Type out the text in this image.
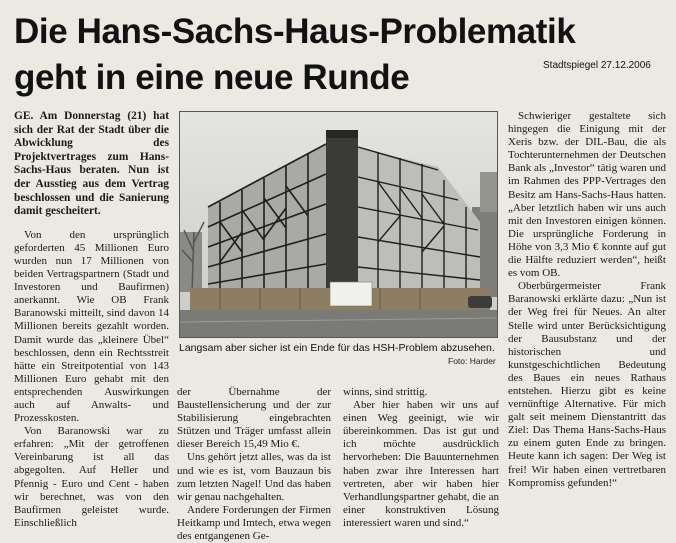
Die Hans-Sachs-Haus-Problematik
geht in eine neue Runde	Stadtspiegel 27.12.2006

GE. Am Donnerstag (21) hat sich der Rat der Stadt über die Abwicklung des Projektvertrages zum Hans-Sachs-Haus beraten. Nun ist der Ausstieg aus dem Vertrag beschlossen und die Sanierung damit gescheitert.

Von den ursprünglich geforderten 45 Millionen Euro wurden nun 17 Millionen von beiden Vertragspartnern (Stadt und Investoren und Baufirmen) anerkannt. Wie OB Frank Baranowski mitteilt, sind davon 14 Millionen bereits gezahlt worden. Damit wurde das „kleinere Übel“ beschlossen, denn ein Rechtsstreit hätte ein Streitpotential von 143 Millionen Euro gehabt mit den entsprechenden Auswirkungen auch auf Anwalts- und Prozesskosten.

Von Baranowski war zu erfahren: „Mit der getroffenen Vereinbarung ist all das abgegolten. Auf Heller und Pfennig - Euro und Cent - haben wir berechnet, was von den Baufirmen geleistet wurde. Einschließlich

Langsam aber sicher ist ein Ende für das HSH-Problem abzusehen.
Foto: Harder

der Übernahme der Baustellensicherung und der zur Stabilisierung eingebrachten Stützen und Träger umfasst allein dieser Bereich 15,49 Mio €.

Uns gehört jetzt alles, was da ist und wie es ist, vom Bauzaun bis zum letzten Nagel! Und das haben wir genau nachgehalten.

Andere Forderungen der Firmen Heitkamp und Imtech, etwa wegen des entgangenen Ge-

winns, sind strittig.

Aber hier haben wir uns auf einen Weg geeinigt, wie wir übereinkommen. Das ist gut und ich möchte ausdrücklich hervorheben: Die Bauunternehmen haben zwar ihre Interessen hart vertreten, aber wir haben hier Verhandlungspartner gehabt, die an einer konstruktiven Lösung interessiert waren und sind.“

Schwieriger gestaltete sich hingegen die Einigung mit der Xeris bzw. der DIL-Bau, die als Tochterunternehmen der Deutschen Bank als „Investor“ tätig waren und im Rahmen des PPP-Vertrages den Besitz am Hans-Sachs-Haus hatten. „Aber letztlich haben wir uns auch mit den Investoren einigen können. Die ursprüngliche Forderung in Höhe von 3,3 Mio € konnte auf gut die Hälfte reduziert werden“, heißt es vom OB.

Oberbürgermeister Frank Baranowski erklärte dazu: „Nun ist der Weg frei für Neues. An alter Stelle wird unter Berücksichtigung der Bausubstanz und der historischen und kunstgeschichtlichen Bedeutung des Baues ein neues Rathaus entstehen. Hierzu gibt es keine vernünftige Alternative. Für mich galt seit meinem Dienstantritt das Ziel: Das Thema Hans-Sachs-Haus zu einem guten Ende zu bringen. Heute kann ich sagen: Der Weg ist frei! Wir haben einen vertretbaren Kompromiss gefunden!“
